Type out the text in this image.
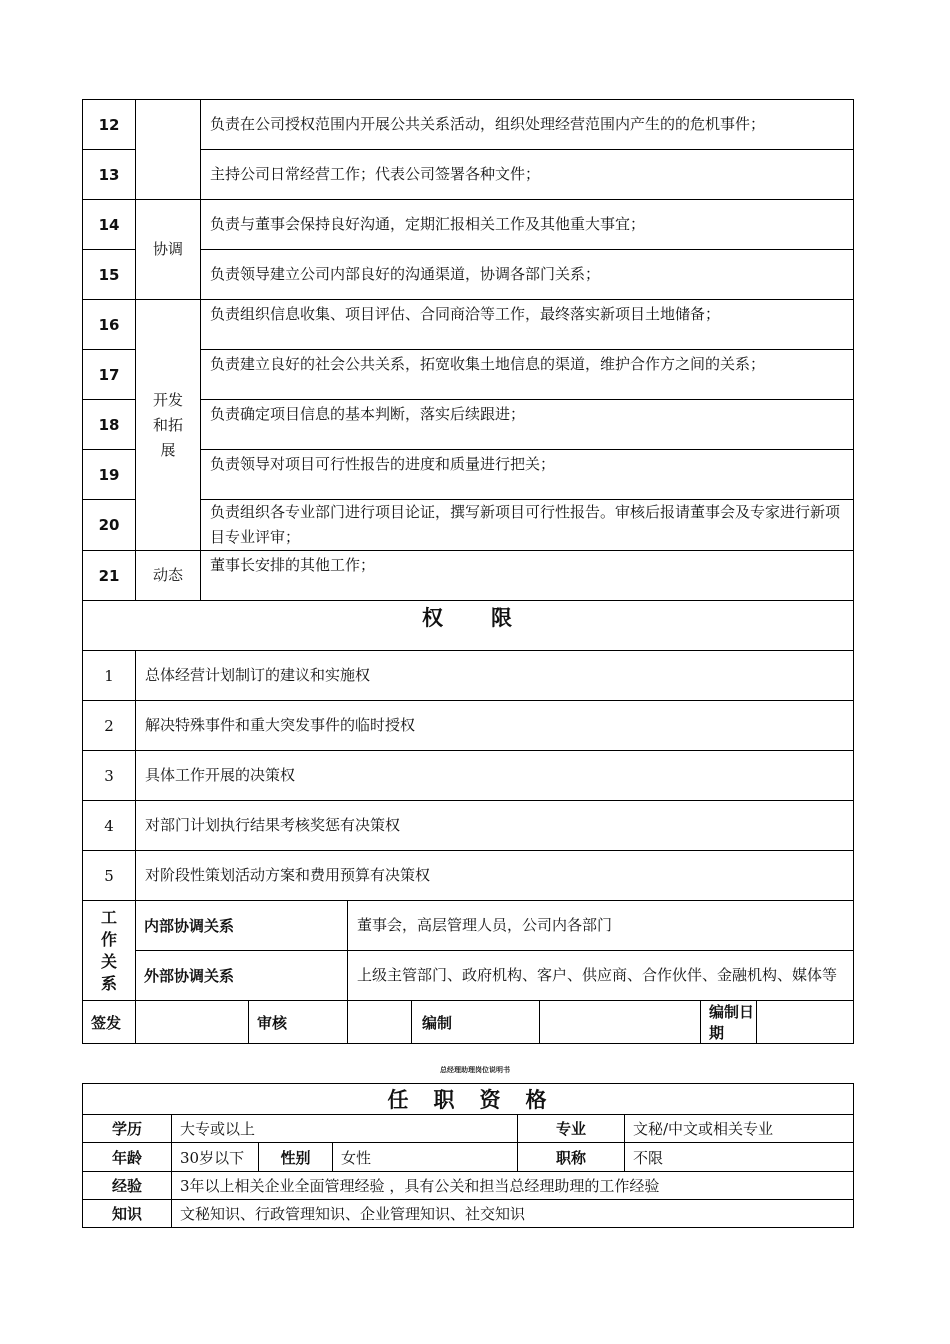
12		负责在公司授权范围内开展公共关系活动，组织处理经营范围内产生的的危机事件；						
13		主持公司日常经营工作；代表公司签署各种文件；						
14	协调	负责与董事会保持良好沟通，定期汇报相关工作及其他重大事宜；						
15		负责领导建立公司内部良好的沟通渠道，协调各部门关系；						
16	开发和拓展	负责组织信息收集、项目评估、合同商洽等工作，最终落实新项目土地储备；						
17		负责建立良好的社会公共关系，拓宽收集土地信息的渠道，维护合作方之间的关系；						
18		负责确定项目信息的基本判断，落实后续跟进；						
19		负责领导对项目可行性报告的进度和质量进行把关；						
20		负责组织各专业部门进行项目论证，撰写新项目可行性报告。审核后报请董事会及专家进行新项目专业评审；						
21	动态	董事长安排的其他工作；						
权　　限								
1	总体经营计划制订的建议和实施权							
2	解决特殊事件和重大突发事件的临时授权							
3	具体工作开展的决策权							
4	对部门计划执行结果考核奖惩有决策权							
5	对阶段性策划活动方案和费用预算有决策权							

工作关系	内部协调关系			董事会，高层管理人员，公司内各部门				
	外部协调关系			上级主管部门、政府机构、客户、供应商、合作伙伴、金融机构、媒体等				
签发			审核		编制		编制日期	
总经理助理岗位说明书
任　职　资　格					
学历	大专或以上			专业	文秘/中文或相关专业
年龄	30岁以下	性别	女性	职称	不限
经验	3年以上相关企业全面管理经验 ，具有公关和担当总经理助理的工作经验				
知识	文秘知识、行政管理知识、企业管理知识、社交知识				
